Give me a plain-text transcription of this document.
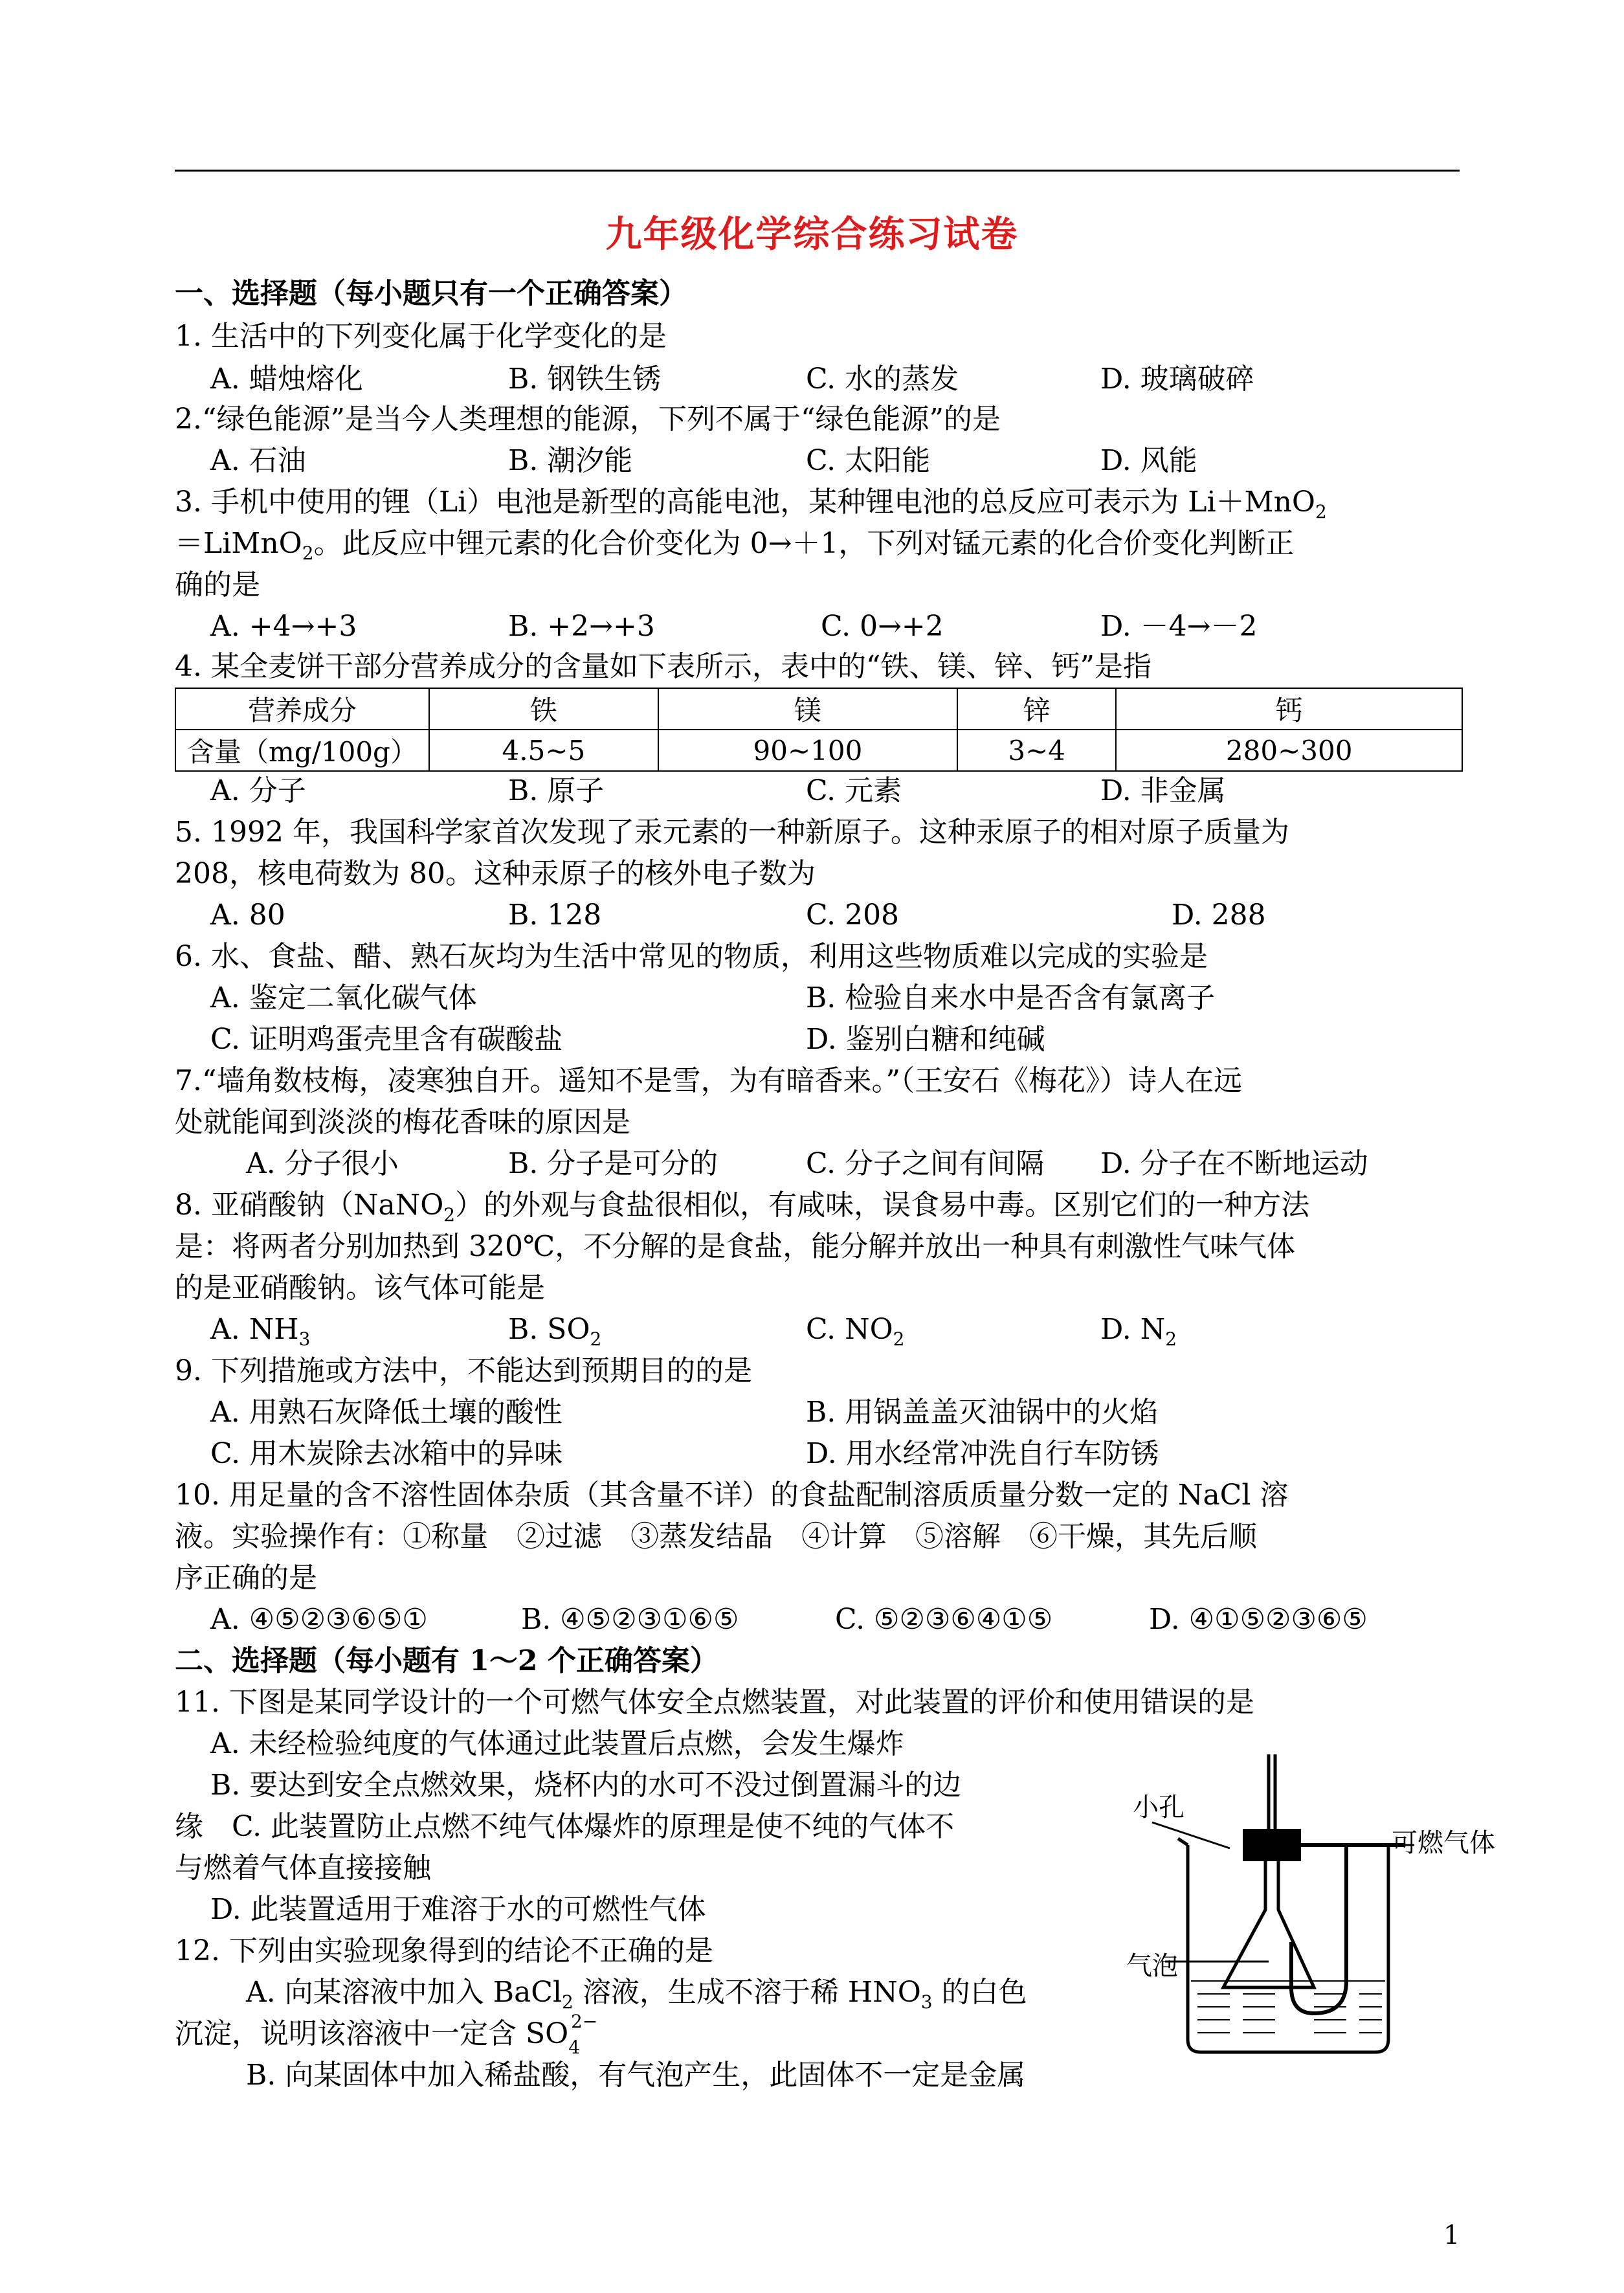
九年级化学综合练习试卷
一、选择题（每小题只有一个正确答案）
1. 生活中的下列变化属于化学变化的是
A. 蜡烛熔化	B. 钢铁生锈	C. 水的蒸发	D. 玻璃破碎
2.“绿色能源”是当今人类理想的能源，下列不属于“绿色能源”的是
A. 石油	B. 潮汐能	C. 太阳能	D. 风能
3. 手机中使用的锂（Li）电池是新型的高能电池，某种锂电池的总反应可表示为 Li＋MnO$_2$
＝LiMnO$_2$。此反应中锂元素的化合价变化为 0→＋1，下列对锰元素的化合价变化判断正
确的是
A. +4→+3	B. +2→+3	C. 0→+2	D. －4→－2
4. 某全麦饼干部分营养成分的含量如下表所示，表中的“铁、镁、锌、钙”是指
营养成分	铁	镁	锌	钙
含量（mg/100g）	4.5~5	90~100	3~4	280~300
A. 分子	B. 原子	C. 元素	D. 非金属
5. 1992 年，我国科学家首次发现了汞元素的一种新原子。这种汞原子的相对原子质量为
208，核电荷数为 80。这种汞原子的核外电子数为
A. 80	B. 128	C. 208	D. 288
6. 水、食盐、醋、熟石灰均为生活中常见的物质，利用这些物质难以完成的实验是
A. 鉴定二氧化碳气体	B. 检验自来水中是否含有氯离子
C. 证明鸡蛋壳里含有碳酸盐	D. 鉴别白糖和纯碱
7.“墙角数枝梅，凌寒独自开。遥知不是雪，为有暗香来。”（王安石《梅花》）诗人在远
处就能闻到淡淡的梅花香味的原因是
A. 分子很小	B. 分子是可分的	C. 分子之间有间隔 D. 分子在不断地运动
8. 亚硝酸钠（NaNO$_2$）的外观与食盐很相似，有咸味，误食易中毒。区别它们的一种方法
是：将两者分别加热到 320℃，不分解的是食盐，能分解并放出一种具有刺激性气味气体
的是亚硝酸钠。该气体可能是
A. $NH_3$	B. $SO_2$	C. $NO_2$	D. $N_2$
9. 下列措施或方法中，不能达到预期目的的是
A. 用熟石灰降低土壤的酸性	B. 用锅盖盖灭油锅中的火焰
C. 用木炭除去冰箱中的异味	D. 用水经常冲洗自行车防锈
10. 用足量的含不溶性固体杂质（其含量不详）的食盐配制溶质质量分数一定的 NaCl 溶
液。实验操作有：①称量　②过滤　③蒸发结晶　④计算　⑤溶解　⑥干燥，其先后顺
序正确的是
A. ④⑤②③⑥⑤①	B. ④⑤②③①⑥⑤	C. ⑤②③⑥④①⑤	D. ④①⑤②③⑥⑤
二、选择题（每小题有 1～2 个正确答案）
11. 下图是某同学设计的一个可燃气体安全点燃装置，对此装置的评价和使用错误的是
A. 未经检验纯度的气体通过此装置后点燃，会发生爆炸
B. 要达到安全点燃效果，烧杯内的水可不没过倒置漏斗的边
缘　C. 此装置防止点燃不纯气体爆炸的原理是使不纯的气体不
与燃着气体直接接触
D. 此装置适用于难溶于水的可燃性气体
12. 下列由实验现象得到的结论不正确的是
A. 向某溶液中加入 BaCl$_2$ 溶液，生成不溶于稀 $HNO_3$ 的白色
沉淀，说明该溶液中一定含 $SO_4^{2-}$
B. 向某固体中加入稀盐酸，有气泡产生，此固体不一定是金属
小孔
可燃气体
气泡
1
